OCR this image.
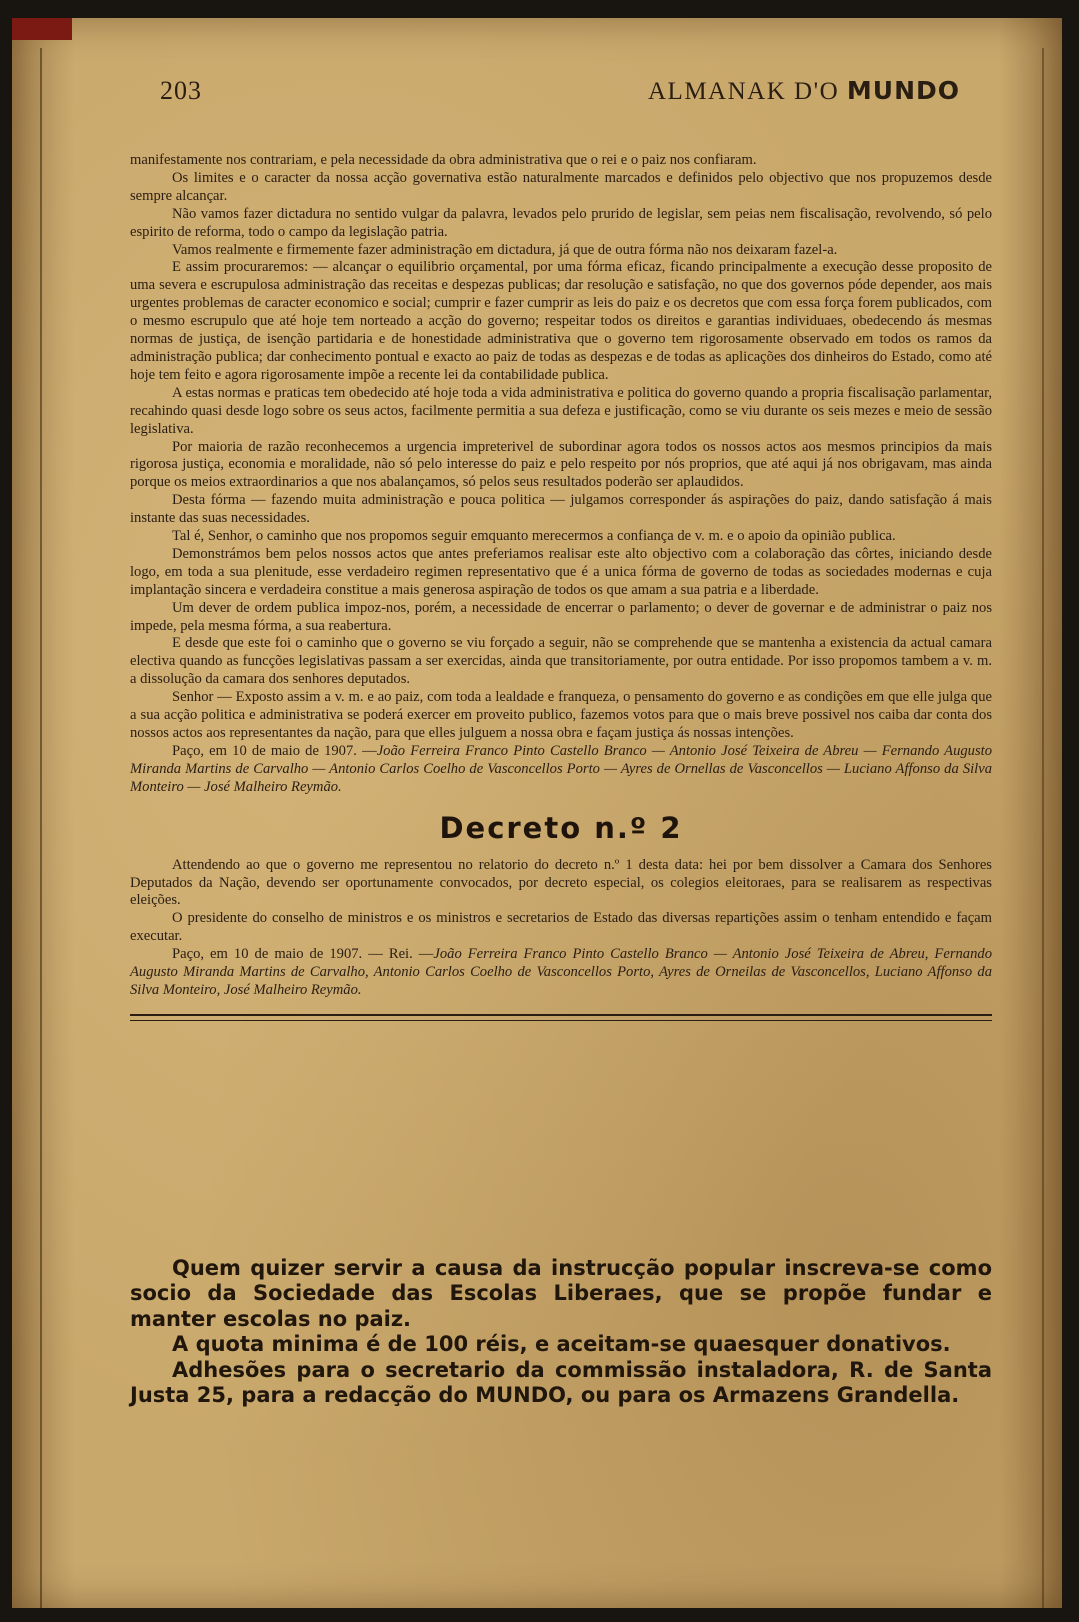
203	ALMANAK D'O MUNDO

manifestamente nos contrariam, e pela necessidade da obra administrativa que o rei e o paiz nos confiaram.

Os limites e o caracter da nossa acção governativa estão naturalmente marcados e definidos pelo objectivo que nos propuzemos desde sempre alcançar.

Não vamos fazer dictadura no sentido vulgar da palavra, levados pelo prurido de legislar, sem peias nem fiscalisação, revolvendo, só pelo espirito de reforma, todo o campo da legislação patria.

Vamos realmente e firmemente fazer administração em dictadura, já que de outra fórma não nos deixaram fazel-a.

E assim procuraremos: — alcançar o equilibrio orçamental, por uma fórma eficaz, ficando principalmente a execução desse proposito de uma severa e escrupulosa administração das receitas e despezas publicas; dar resolução e satisfação, no que dos governos póde depender, aos mais urgentes problemas de caracter economico e social; cumprir e fazer cumprir as leis do paiz e os decretos que com essa força forem publicados, com o mesmo escrupulo que até hoje tem norteado a acção do governo; respeitar todos os direitos e garantias individuaes, obedecendo ás mesmas normas de justiça, de isenção partidaria e de honestidade administrativa que o governo tem rigorosamente observado em todos os ramos da administração publica; dar conhecimento pontual e exacto ao paiz de todas as despezas e de todas as aplicações dos dinheiros do Estado, como até hoje tem feito e agora rigorosamente impõe a recente lei da contabilidade publica.

A estas normas e praticas tem obedecido até hoje toda a vida administrativa e politica do governo quando a propria fiscalisação parlamentar, recahindo quasi desde logo sobre os seus actos, facilmente permitia a sua defeza e justificação, como se viu durante os seis mezes e meio de sessão legislativa.

Por maioria de razão reconhecemos a urgencia impreterivel de subordinar agora todos os nossos actos aos mesmos principios da mais rigorosa justiça, economia e moralidade, não só pelo interesse do paiz e pelo respeito por nós proprios, que até aqui já nos obrigavam, mas ainda porque os meios extraordinarios a que nos abalançamos, só pelos seus resultados poderão ser aplaudidos.

Desta fórma — fazendo muita administração e pouca politica — julgamos corresponder ás aspirações do paiz, dando satisfação á mais instante das suas necessidades.

Tal é, Senhor, o caminho que nos propomos seguir emquanto merecermos a confiança de v. m. e o apoio da opinião publica.

Demonstrámos bem pelos nossos actos que antes preferiamos realisar este alto objectivo com a colaboração das côrtes, iniciando desde logo, em toda a sua plenitude, esse verdadeiro regimen representativo que é a unica fórma de governo de todas as sociedades modernas e cuja implantação sincera e verdadeira constitue a mais generosa aspiração de todos os que amam a sua patria e a liberdade.

Um dever de ordem publica impoz-nos, porém, a necessidade de encerrar o parlamento; o dever de governar e de administrar o paiz nos impede, pela mesma fórma, a sua reabertura.

E desde que este foi o caminho que o governo se viu forçado a seguir, não se comprehende que se mantenha a existencia da actual camara electiva quando as funcções legislativas passam a ser exercidas, ainda que transitoriamente, por outra entidade. Por isso propomos tambem a v. m. a dissolução da camara dos senhores deputados.

Senhor — Exposto assim a v. m. e ao paiz, com toda a lealdade e franqueza, o pensamento do governo e as condições em que elle julga que a sua acção politica e administrativa se poderá exercer em proveito publico, fazemos votos para que o mais breve possivel nos caiba dar conta dos nossos actos aos representantes da nação, para que elles julguem a nossa obra e façam justiça ás nossas intenções.

Paço, em 10 de maio de 1907. —João Ferreira Franco Pinto Castello Branco — Antonio José Teixeira de Abreu — Fernando Augusto Miranda Martins de Carvalho — Antonio Carlos Coelho de Vasconcellos Porto — Ayres de Ornellas de Vasconcellos — Luciano Affonso da Silva Monteiro — José Malheiro Reymão.

Decreto n.º 2

Attendendo ao que o governo me representou no relatorio do decreto n.º 1 desta data: hei por bem dissolver a Camara dos Senhores Deputados da Nação, devendo ser oportunamente convocados, por decreto especial, os colegios eleitoraes, para se realisarem as respectivas eleições.

O presidente do conselho de ministros e os ministros e secretarios de Estado das diversas repartições assim o tenham entendido e façam executar.

Paço, em 10 de maio de 1907. — Rei. —João Ferreira Franco Pinto Castello Branco — Antonio José Teixeira de Abreu, Fernando Augusto Miranda Martins de Carvalho, Antonio Carlos Coelho de Vasconcellos Porto, Ayres de Orneilas de Vasconcellos, Luciano Affonso da Silva Monteiro, José Malheiro Reymão.

Quem quizer servir a causa da instrucção popular inscreva-se como socio da Sociedade das Escolas Liberaes, que se propõe fundar e manter escolas no paiz.

A quota minima é de 100 réis, e aceitam-se quaesquer donativos.

Adhesões para o secretario da commissão instaladora, R. de Santa Justa 25, para a redacção do MUNDO, ou para os Armazens Grandella.
